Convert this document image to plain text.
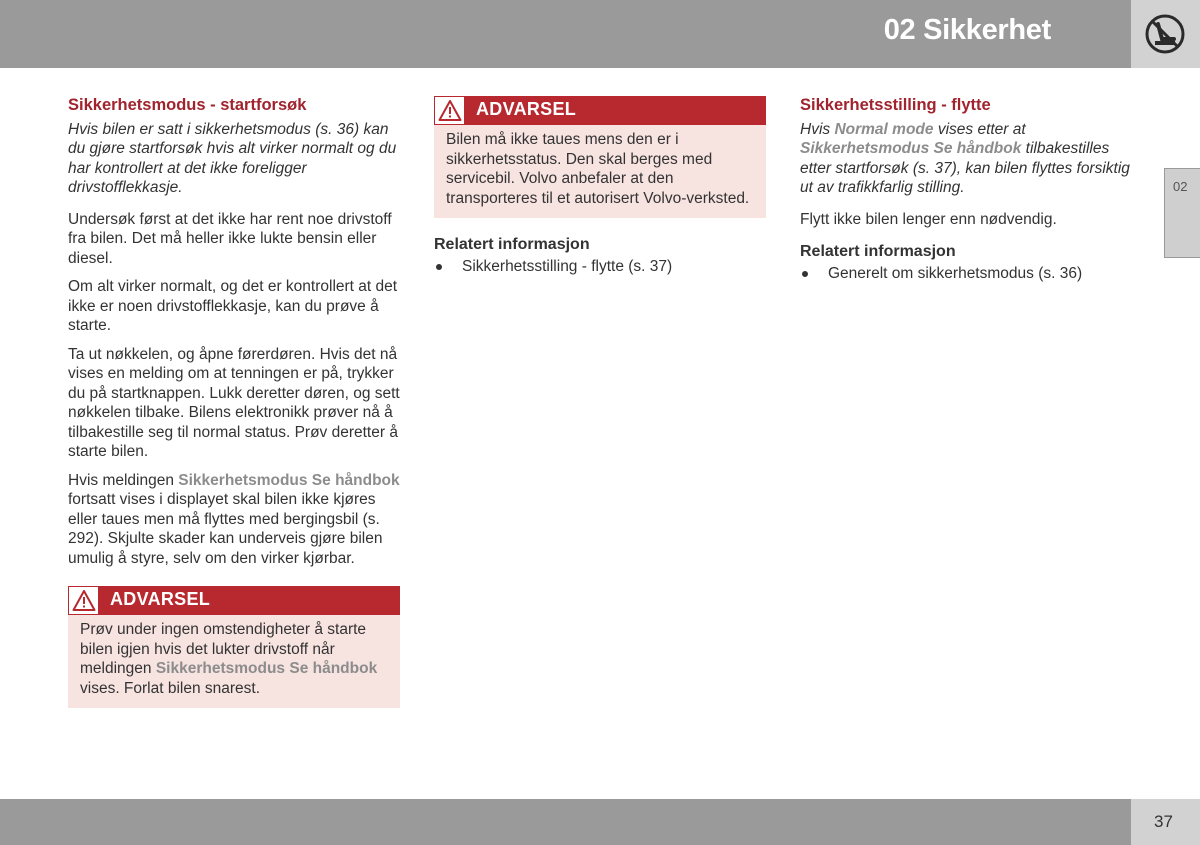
02 Sikkerhet
02
Sikkerhetsmodus - startforsøk
Hvis bilen er satt i sikkerhetsmodus (s. 36) kan du gjøre startforsøk hvis alt virker normalt og du har kontrollert at det ikke foreligger drivstofflekkasje.

Undersøk først at det ikke har rent noe drivstoff fra bilen. Det må heller ikke lukte bensin eller diesel.

Om alt virker normalt, og det er kontrollert at det ikke er noen drivstofflekkasje, kan du prøve å starte.

Ta ut nøkkelen, og åpne førerdøren. Hvis det nå vises en melding om at tenningen er på, trykker du på startknappen. Lukk deretter døren, og sett nøkkelen tilbake. Bilens elektronikk prøver nå å tilbakestille seg til normal status. Prøv deretter å starte bilen.

Hvis meldingen Sikkerhetsmodus Se håndbok fortsatt vises i displayet skal bilen ikke kjøres eller taues men må flyttes med bergingsbil (s. 292). Skjulte skader kan underveis gjøre bilen umulig å styre, selv om den virker kjørbar.

ADVARSEL
Prøv under ingen omstendigheter å starte bilen igjen hvis det lukter drivstoff når meldingen Sikkerhetsmodus Se håndbok vises. Forlat bilen snarest.
ADVARSEL
Bilen må ikke taues mens den er i sikkerhetsstatus. Den skal berges med servicebil. Volvo anbefaler at den transporteres til et autorisert Volvo-verksted.
Relatert informasjon

Sikkerhetsstilling - flytte (s. 37)

Sikkerhetsstilling - flytte
Hvis Normal mode vises etter at Sikkerhetsmodus Se håndbok tilbakestilles etter startforsøk (s. 37), kan bilen flyttes forsiktig ut av trafikkfarlig stilling.

Flytt ikke bilen lenger enn nødvendig.

Relatert informasjon

Generelt om sikkerhetsmodus (s. 36)

37
